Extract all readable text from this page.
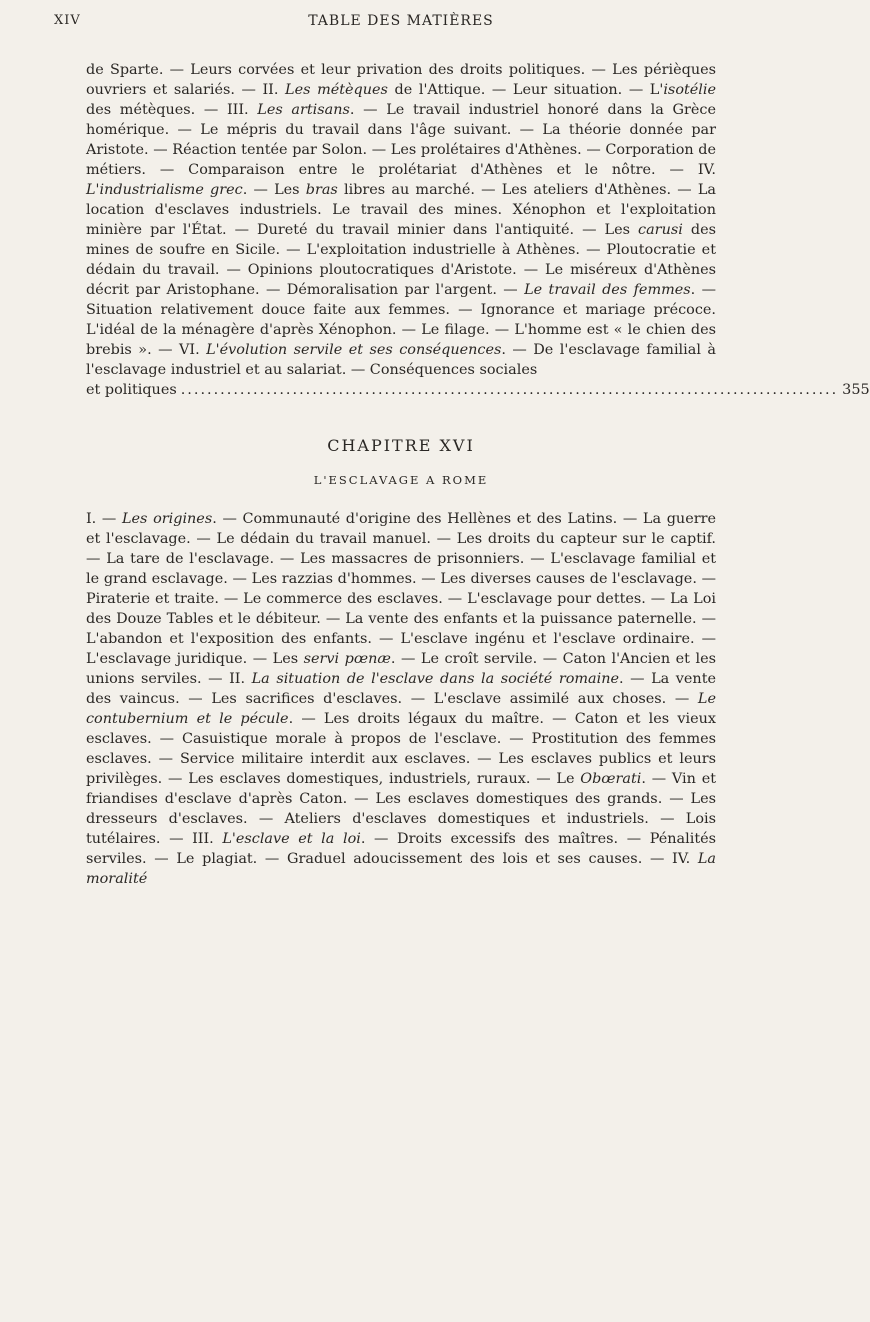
XIV	TABLE DES MATIÈRES

de Sparte. — Leurs corvées et leur privation des droits politiques. — Les périèques ouvriers et salariés. — II. Les métèques de l'Attique. — Leur situation. — L'isotélie des métèques. — III. Les artisans. — Le travail industriel honoré dans la Grèce homérique. — Le mépris du travail dans l'âge suivant. — La théorie donnée par Aristote. — Réaction tentée par Solon. — Les prolétaires d'Athènes. — Corporation de métiers. — Comparaison entre le prolétariat d'Athènes et le nôtre. — IV. L'industrialisme grec. — Les bras libres au marché. — Les ateliers d'Athènes. — La location d'esclaves industriels. Le travail des mines. Xénophon et l'exploitation minière par l'État. — Dureté du travail minier dans l'antiquité. — Les carusi des mines de soufre en Sicile. — L'exploitation industrielle à Athènes. — Ploutocratie et dédain du travail. — Opinions ploutocratiques d'Aristote. — Le miséreux d'Athènes décrit par Aristophane. — Démoralisation par l'argent. — Le travail des femmes. — Situation relativement douce faite aux femmes. — Ignorance et mariage précoce. L'idéal de la ménagère d'après Xénophon. — Le filage. — L'homme est « le chien des brebis ». — VI. L'évolution servile et ses conséquences. — De l'esclavage familial à l'esclavage industriel et au salariat. — Conséquences sociales

et politiques .................................................................................................... 355
CHAPITRE XVI
L'ESCLAVAGE A ROME

I. — Les origines. — Communauté d'origine des Hellènes et des Latins. — La guerre et l'esclavage. — Le dédain du travail manuel. — Les droits du capteur sur le captif. — La tare de l'esclavage. — Les massacres de prisonniers. — L'esclavage familial et le grand esclavage. — Les razzias d'hommes. — Les diverses causes de l'esclavage. — Piraterie et traite. — Le commerce des esclaves. — L'esclavage pour dettes. — La Loi des Douze Tables et le débiteur. — La vente des enfants et la puissance paternelle. — L'abandon et l'exposition des enfants. — L'esclave ingénu et l'esclave ordinaire. — L'esclavage juridique. — Les servi pœnæ. — Le croît servile. — Caton l'Ancien et les unions serviles. — II. La situation de l'esclave dans la société romaine. — La vente des vaincus. — Les sacrifices d'esclaves. — L'esclave assimilé aux choses. — Le contubernium et le pécule. — Les droits légaux du maître. — Caton et les vieux esclaves. — Casuistique morale à propos de l'esclave. — Prostitution des femmes esclaves. — Service militaire interdit aux esclaves. — Les esclaves publics et leurs privilèges. — Les esclaves domestiques, industriels, ruraux. — Le Obœrati. — Vin et friandises d'esclave d'après Caton. — Les esclaves domestiques des grands. — Les dresseurs d'esclaves. — Ateliers d'esclaves domestiques et industriels. — Lois tutélaires. — III. L'esclave et la loi. — Droits excessifs des maîtres. — Pénalités serviles. — Le plagiat. — Graduel adoucissement des lois et ses causes. — IV. La moralité
